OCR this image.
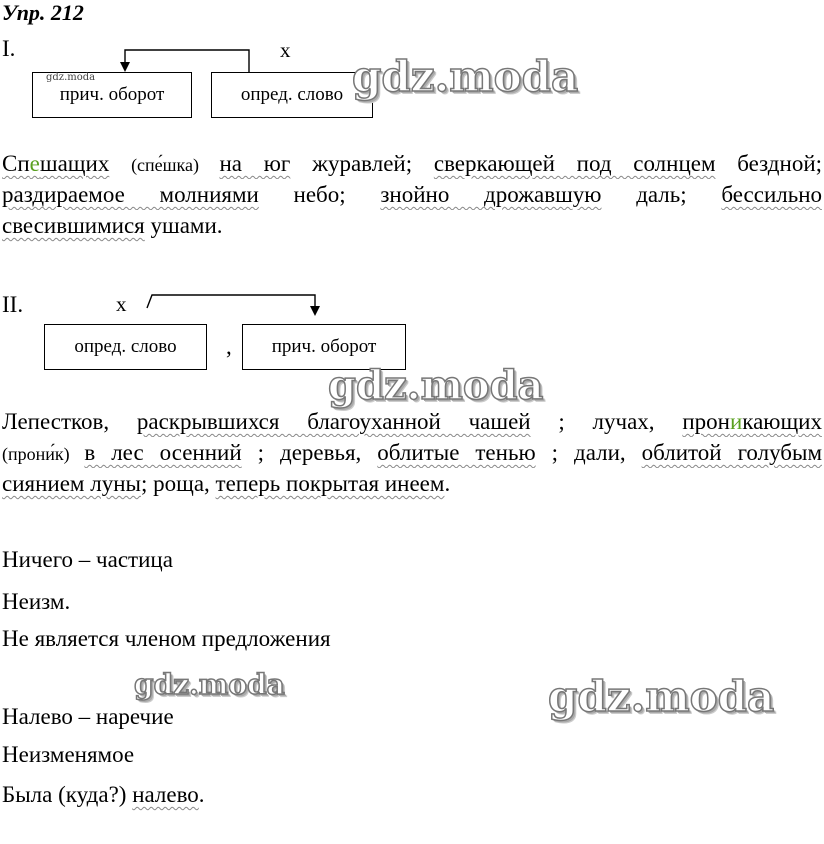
Упр. 212
I.	х
прич. оборот
gdz.moda
опред. слово gdz.moda
Спешащих (спе́шка) на юг журавлей; сверкающей под солнцем бездной;
раздираемое молниями небо; знойно дрожавшую даль; бессильно
свесившимися ушами.
II.	х
опред. слово , прич. оборот
gdz.moda
Лепестков, раскрывшихся благоуханной чашей ; лучах, проникающих
(прони́к) в лес осенний ; деревья, облитые тенью ; дали, облитой голубым
сиянием луны; роща, теперь покрытая инеем.
Ничего – частица
Неизм.
Не является членом предложения
gdz.moda	gdz.moda
Налево – наречие
Неизменямое
Была (куда?) налево.
